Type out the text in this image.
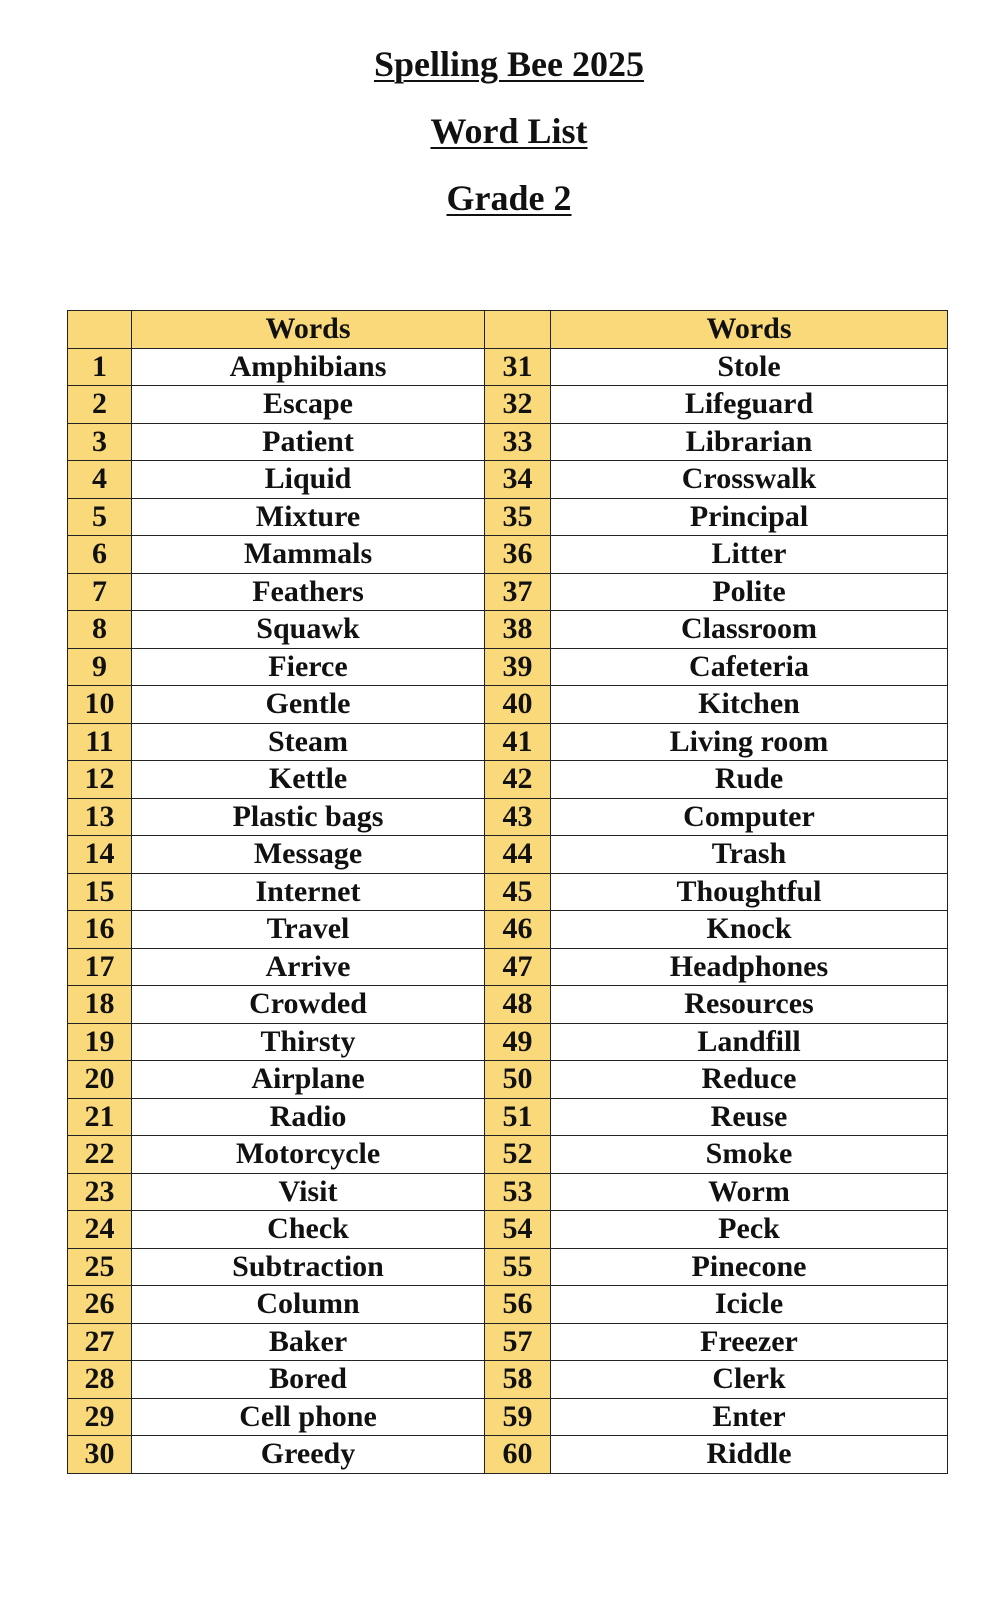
Spelling Bee 2025
Word List
Grade 2
	Words		Words
1	Amphibians	31	Stole
2	Escape	32	Lifeguard
3	Patient	33	Librarian
4	Liquid	34	Crosswalk
5	Mixture	35	Principal
6	Mammals	36	Litter
7	Feathers	37	Polite
8	Squawk	38	Classroom
9	Fierce	39	Cafeteria
10	Gentle	40	Kitchen
11	Steam	41	Living room
12	Kettle	42	Rude
13	Plastic bags	43	Computer
14	Message	44	Trash
15	Internet	45	Thoughtful
16	Travel	46	Knock
17	Arrive	47	Headphones
18	Crowded	48	Resources
19	Thirsty	49	Landfill
20	Airplane	50	Reduce
21	Radio	51	Reuse
22	Motorcycle	52	Smoke
23	Visit	53	Worm
24	Check	54	Peck
25	Subtraction	55	Pinecone
26	Column	56	Icicle
27	Baker	57	Freezer
28	Bored	58	Clerk
29	Cell phone	59	Enter
30	Greedy	60	Riddle
